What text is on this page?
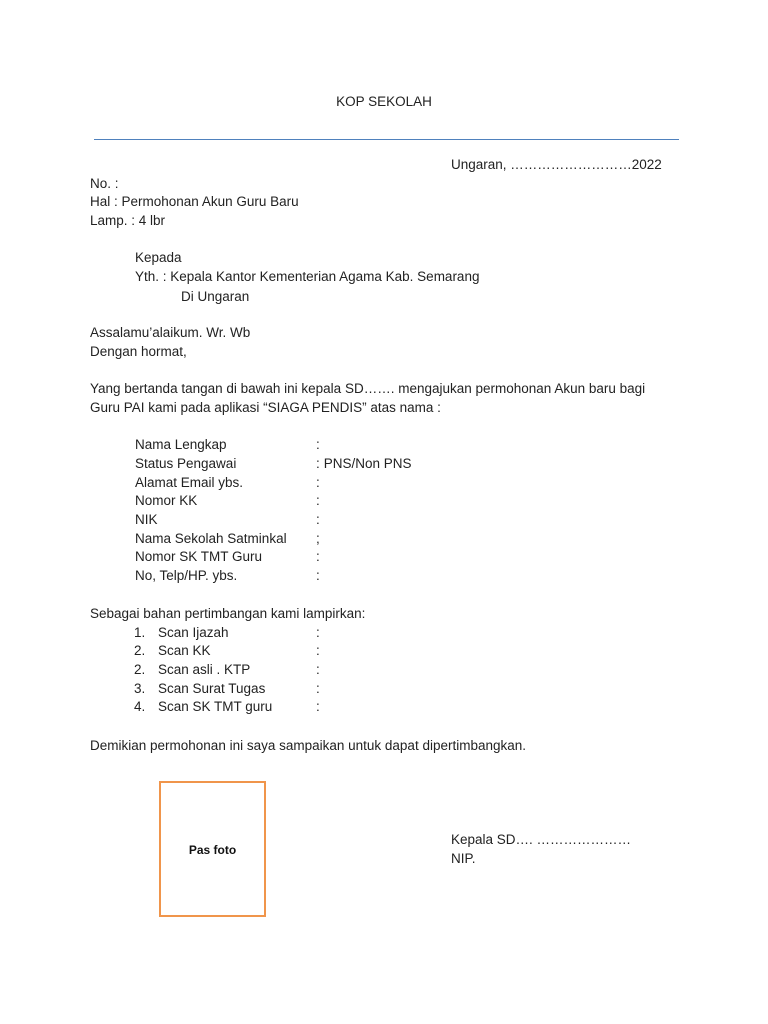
KOP SEKOLAH
Ungaran, ………………………2022
No. :
Hal : Permohonan Akun Guru Baru
Lamp. : 4 lbr
Kepada
Yth. : Kepala Kantor Kementerian Agama Kab. Semarang
Di Ungaran
Assalamu’alaikum. Wr. Wb
Dengan hormat,
Yang bertanda tangan di bawah ini kepala SD……. mengajukan permohonan Akun baru bagi
Guru PAI kami pada aplikasi “SIAGA PENDIS” atas nama :
Nama Lengkap	:
Status Pengawai	: PNS/Non PNS
Alamat Email ybs.	:
Nomor KK	:
NIK	:
Nama Sekolah Satminkal ;
Nomor SK TMT Guru	:
No, Telp/HP. ybs.	:
Sebagai bahan pertimbangan kami lampirkan:
1. Scan Ijazah	:
2. Scan KK	:
2. Scan asli . KTP	:
3. Scan Surat Tugas	:
4. Scan SK TMT guru	:
Demikian permohonan ini saya sampaikan untuk dapat dipertimbangkan.
Pas foto
Kepala SD…. …………………
NIP.
